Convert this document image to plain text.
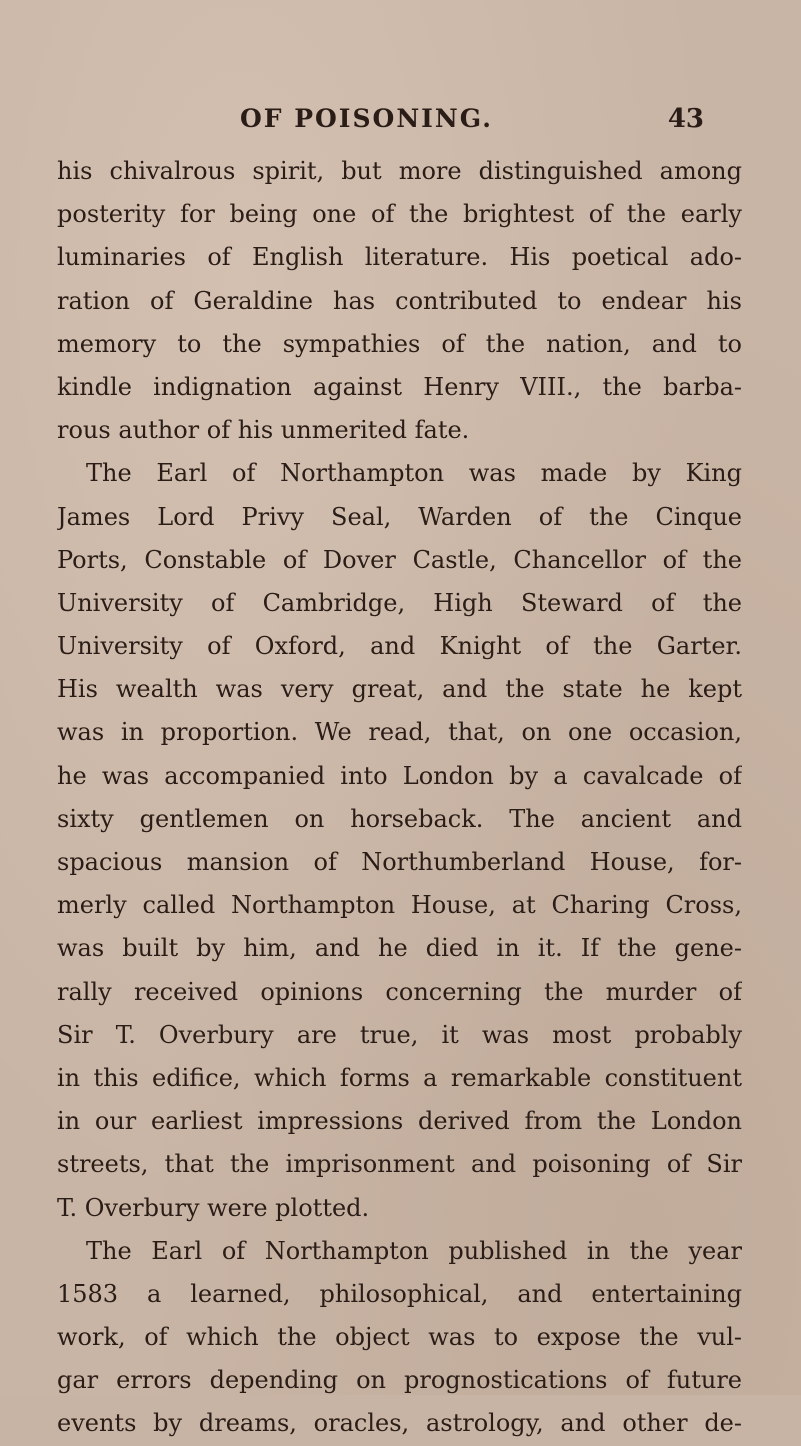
OF POISONING.	43
his chivalrous spirit, but more distinguished among
posterity for being one of the brightest of the early
luminaries of English literature. His poetical ado-
ration of Geraldine has contributed to endear his
memory to the sympathies of the nation, and to
kindle indignation against Henry VIII., the barba-
rous author of his unmerited fate.
The Earl of Northampton was made by King
James Lord Privy Seal, Warden of the Cinque
Ports, Constable of Dover Castle, Chancellor of the
University of Cambridge, High Steward of the
University of Oxford, and Knight of the Garter.
His wealth was very great, and the state he kept
was in proportion. We read, that, on one occasion,
he was accompanied into London by a cavalcade of
sixty gentlemen on horseback. The ancient and
spacious mansion of Northumberland House, for-
merly called Northampton House, at Charing Cross,
was built by him, and he died in it. If the gene-
rally received opinions concerning the murder of
Sir T. Overbury are true, it was most probably
in this edifice, which forms a remarkable constituent
in our earliest impressions derived from the London
streets, that the imprisonment and poisoning of Sir
T. Overbury were plotted.
The Earl of Northampton published in the year
1583 a learned, philosophical, and entertaining
work, of which the object was to expose the vul-
gar errors depending on prognostications of future
events by dreams, oracles, astrology, and other de-
